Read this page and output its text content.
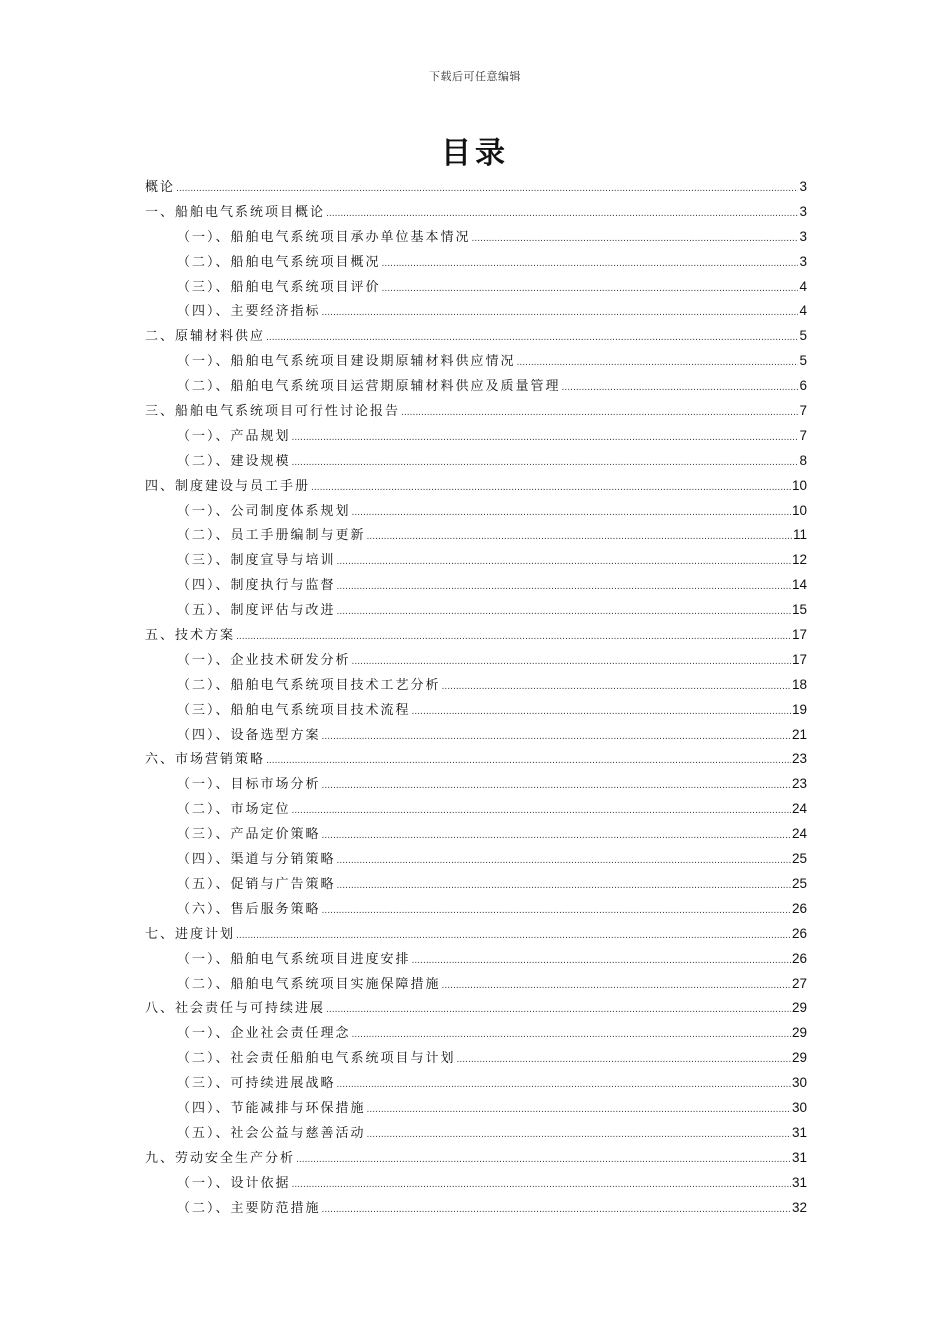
下载后可任意编辑
目录
概论 .....	3
一、船舶电气系统项目概论 .....	3
（一）、船舶电气系统项目承办单位基本情况 .....	3
（二）、船舶电气系统项目概况 .....	3
（三）、船舶电气系统项目评价 .....	4
（四）、主要经济指标 .....	4
二、原辅材料供应 .....	5
（一）、船舶电气系统项目建设期原辅材料供应情况 .....	5
（二）、船舶电气系统项目运营期原辅材料供应及质量管理 .....	6
三、船舶电气系统项目可行性讨论报告 .....	7
（一）、产品规划 .....	7
（二）、建设规模 .....	8
四、制度建设与员工手册 .....	10
（一）、公司制度体系规划 .....	10
（二）、员工手册编制与更新 .....	11
（三）、制度宣导与培训 .....	12
（四）、制度执行与监督 .....	14
（五）、制度评估与改进 .....	15
五、技术方案 .....	17
（一）、企业技术研发分析 .....	17
（二）、船舶电气系统项目技术工艺分析 .....	18
（三）、船舶电气系统项目技术流程 .....	19
（四）、设备选型方案 .....	21
六、市场营销策略 .....	23
（一）、目标市场分析 .....	23
（二）、市场定位 .....	24
（三）、产品定价策略 .....	24
（四）、渠道与分销策略 .....	25
（五）、促销与广告策略 .....	25
（六）、售后服务策略 .....	26
七、进度计划 .....	26
（一）、船舶电气系统项目进度安排 .....	26
（二）、船舶电气系统项目实施保障措施 .....	27
八、社会责任与可持续进展 .....	29
（一）、企业社会责任理念 .....	29
（二）、社会责任船舶电气系统项目与计划 .....	29
（三）、可持续进展战略 .....	30
（四）、节能减排与环保措施 .....	30
（五）、社会公益与慈善活动 .....	31
九、劳动安全生产分析 .....	31
（一）、设计依据 .....	31
（二）、主要防范措施 .....	32
